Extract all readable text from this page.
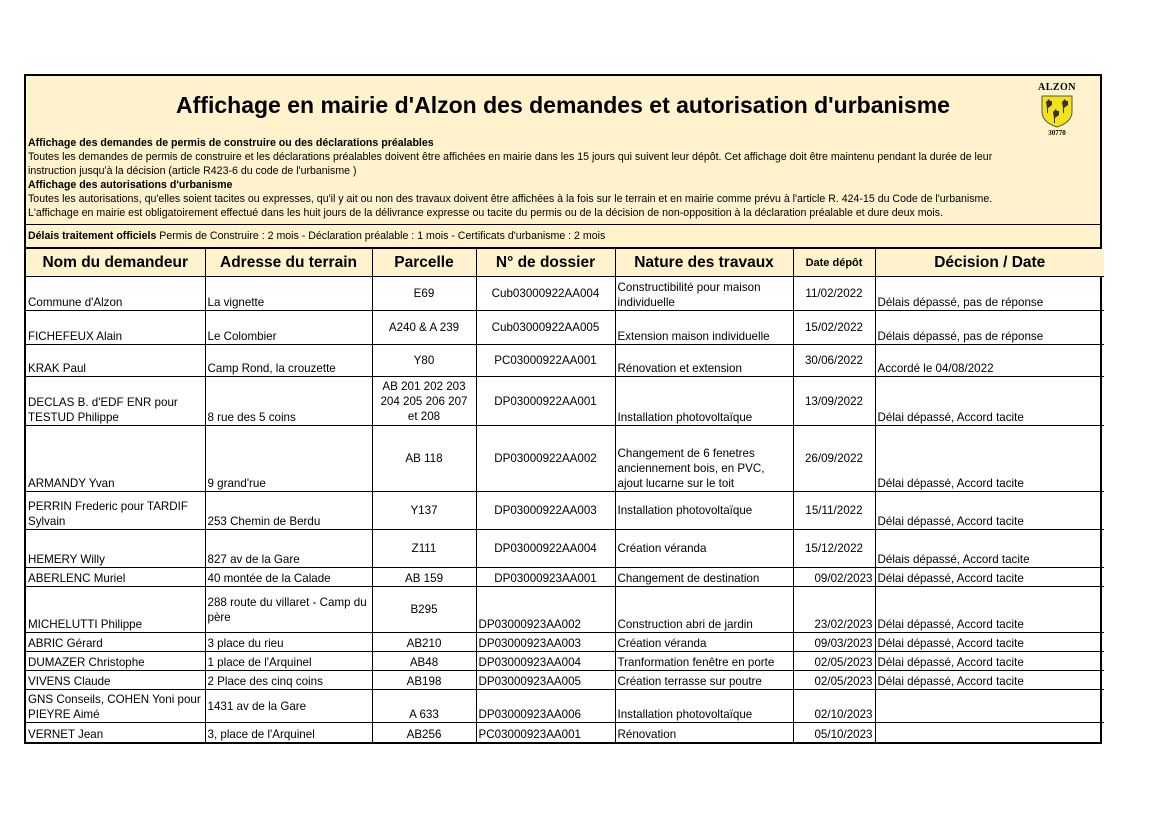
Affichage en mairie d'Alzon des demandes et autorisation d'urbanisme
ALZON
30770
Affichage des demandes de permis de construire ou des déclarations préalables
Toutes les demandes de permis de construire et les déclarations préalables doivent être affichées en mairie dans les 15 jours qui suivent leur dépôt. Cet affichage doit être maintenu pendant la durée de leur
instruction jusqu'à la décision (article R423-6 du code de l'urbanisme )
Affichage des autorisations d'urbanisme
Toutes les autorisations, qu'elles soient tacites ou expresses, qu'il y ait ou non des travaux doivent être affichées à la fois sur le terrain et en mairie comme prévu à l'article R. 424-15 du Code de l'urbanisme.
L'affichage en mairie est obligatoirement effectué dans les huit jours de la délivrance expresse ou tacite du permis ou de la décision de non-opposition à la déclaration préalable et dure deux mois.
Délais traitement officiels Permis de Construire : 2 mois - Déclaration préalable : 1 mois - Certificats d'urbanisme : 2 mois
Nom du demandeur	Adresse du terrain	Parcelle	N° de dossier	Nature des travaux	Date dépôt	Décision / Date
Commune d'Alzon	La vignette	E69	Cub03000922AA004	Constructibilité pour maison individuelle	11/02/2022	Délais dépassé, pas de réponse
FICHEFEUX Alain	Le Colombier	A240 & A 239	Cub03000922AA005	Extension maison individuelle	15/02/2022	Délais dépassé, pas de réponse
KRAK Paul	Camp Rond, la crouzette	Y80	PC03000922AA001	Rénovation et extension	30/06/2022	Accordé le 04/08/2022
DECLAS B. d'EDF ENR pour TESTUD Philippe	8 rue des 5 coins	AB 201 202 203 204 205 206 207 et 208	DP03000922AA001	Installation photovoltaïque	13/09/2022	Délai dépassé, Accord tacite
ARMANDY Yvan	9 grand'rue	AB 118	DP03000922AA002	Changement de 6 fenetres anciennement bois, en PVC, ajout lucarne sur le toit	26/09/2022	Délai dépassé, Accord tacite
PERRIN Frederic pour TARDIF Sylvain	253 Chemin de Berdu	Y137	DP03000922AA003	Installation photovoltaïque	15/11/2022	Délai dépassé, Accord tacite
HEMERY Willy	827 av de la Gare	Z111	DP03000922AA004	Création véranda	15/12/2022	Délais dépassé, Accord tacite
ABERLENC Muriel	40 montée de la Calade	AB 159	DP03000923AA001	Changement de destination	09/02/2023	Délai dépassé, Accord tacite
MICHELUTTI Philippe	288 route du villaret - Camp du père	B295	DP03000923AA002	Construction abri de jardin	23/02/2023	Délai dépassé, Accord tacite
ABRIC Gérard	3 place du rieu	AB210	DP03000923AA003	Création véranda	09/03/2023	Délai dépassé, Accord tacite
DUMAZER Christophe	1 place de l'Arquinel	AB48	DP03000923AA004	Tranformation fenêtre en porte	02/05/2023	Délai dépassé, Accord tacite
VIVENS Claude	2 Place des cinq coins	AB198	DP03000923AA005	Création terrasse sur poutre	02/05/2023	Délai dépassé, Accord tacite
GNS Conseils, COHEN Yoni pour PIEYRE Aimé	1431 av de la Gare	A 633	DP03000923AA006	Installation photovoltaïque	02/10/2023	
VERNET Jean	3, place de l'Arquinel	AB256	PC03000923AA001	Rénovation	05/10/2023	
